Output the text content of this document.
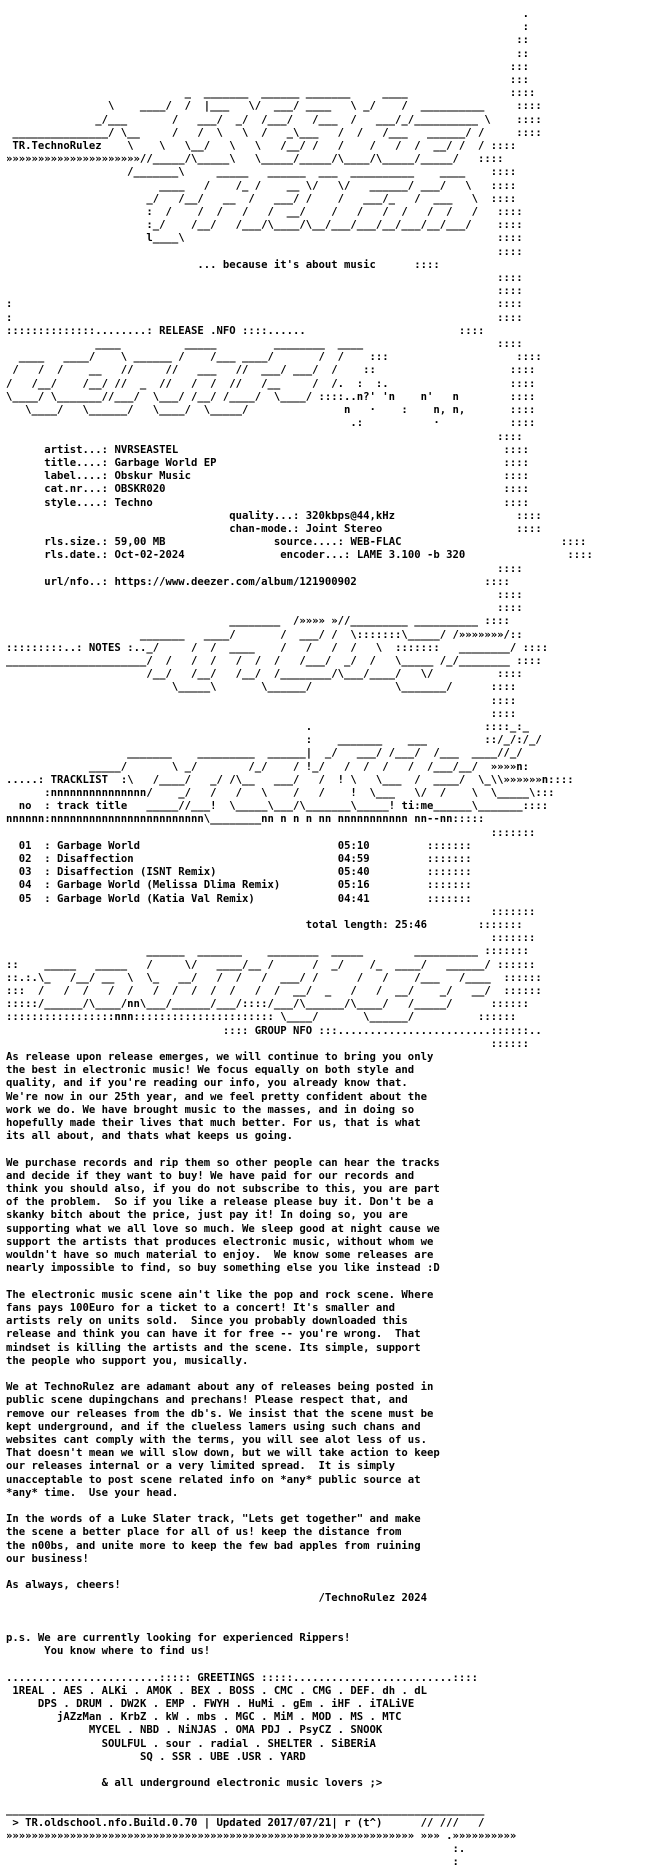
.
:
::
::
:::
:::
_  _______  ______ _______     ____                ::::
\    ____/  /  |___   \/  ___/ ____   \ _/    /  __________     ::::
_/___       /   ___/  _/  /___/   /___  /   ___/_/__________ \    ::::
_______________/ \__     /   /  \   \  /   _\___   /  /   /___   ______/ /     ::::
TR.TechnoRulez    \    \   \__/   \   \   /__/ /   /    /   /  /  __/ /  / ::::
»»»»»»»»»»»»»»»»»»»»»//_____/\_____\   \_____/_____/\____/\_____/_____/   ::::
/_______\     _____   ______  ___  __________    ____    ::::
____   /    /_ /    __ \/   \/   ______/ ___/   \   ::::
_/   /__/   __  /   ___/ /    /   ___/_   /  ___   \  ::::
:  /    /  /   /   /  __/    /   /   /  /   /  /   /   ::::
:_/    /__/   /___/\____/\__/___/___/__/___/__/___/    ::::
l____\                                                 ::::
::::
... because it's about music	::::
::::
::::
:                                                                            ::::
:                                                                            ::::
::::::::::::::........: RELEASE .NFO ::::......                        ::::
____          _____         ________  ____                     ::::
____   ____/    \ ______ /    /___ ____/       /  /    :::                    ::::
/   /  /    __   //     //   ___   //  ___/ ___/  /    ::                     ::::
/   /__/    /__/ //  _  //   /  /  //   /__     /  /.  :  :.                   ::::
\____/ \_______//___/  \___/ /__/ /____/  \____/ ::::..n?' 'n    n'   n        ::::
\____/   \______/   \____/  \_____/               n   ·    :    n, n,       ::::
.:           ·           ::::
::::
artist...: NVRSEASTEL	::::
title....: Garbage World EP	::::
label....: Obskur Music	::::
cat.nr...: OBSKR020	::::
style....: Techno	::::
quality...: 320kbps@44,kHz	::::
chan-mode.: Joint Stereo	::::
rls.size.: 59,00 MB                 source....: WEB-FLAC	::::
rls.date.: Oct-02-2024               encoder...: LAME 3.100 -b 320	::::
::::
url/nfo..: https://www.deezer.com/album/121900902	::::
::::
::::
________  /»»»» »//_________ __________ ::::
_______   ____/       /  ___/ /  \:::::::\_____/ /»»»»»»»/::
:::::::::..: NOTES :.._/     /  /  ____    /   /   /  /   \  :::::::   ________/ ::::
______________________/  /   /  /   /  /  /   /___/  _/  /   \_____ /_/________ ::::
/__/   /__/   /__/  /________/\___/____/   \/          ::::
\_____\       \______/             \_______/      ::::
::::
::::
.                           ::::_:_
:    _______    ___         ::/_/:/_/
_______    _________  ______|  _/   ___/ /___/  /___  ____//_/
_____/       \ _/        /_/    / !_/   /  /  /   /  /___/__/  »»»»n:
.....: TRACKLIST  :\   /____/   _/ /\__   ___/   /  ! \   \___  /  ____/  \_\\»»»»»»n::::
:nnnnnnnnnnnnnnn/    _/   /   /   \    /   /    !  \___   \/  /    \  \_____\:::
no  : track title   _____//___!  \_____\___/\_______\_____! ti:me______\_______::::
nnnnnn:nnnnnnnnnnnnnnnnnnnnnnnn\________nn n n n nn nnnnnnnnnnn nn--nn:::::
:::::::
01  : Garbage World	05:10	:::::::
02  : Disaffection	04:59	:::::::
03  : Disaffection (ISNT Remix)	05:40	:::::::
04  : Garbage World (Melissa Dlima Remix)	05:16	:::::::
05  : Garbage World (Katia Val Remix)	04:41	:::::::
:::::::
total length: 25:46	:::::::
:::::::
______  _______    ________  _____        __________ :::::::
::    _____   _____   /     \/   ____/__ /      /  _/    /_  ____/   ______/ ::::::
::.:.\_   /__/ __  \  \_   __/   /  /   /  ___/ /      /   /    /___   /____  ::::::
:::  /   /  /   /  /   /  /  /  /  /   /  /  __/  _   /   /  __/    _/   __/  ::::::
:::::/______/\____/nn\___/______/___/::::/___/\______/\____/   /_____/      ::::::
:::::::::::::::::nnn:::::::::::::::::::::: \____/       \______/          ::::::
:::: GROUP NFO :::........................::::::..
::::::
As release upon release emerges, we will continue to bring you only
the best in electronic music! We focus equally on both style and
quality, and if you're reading our info, you already know that.
We're now in our 25th year, and we feel pretty confident about the
work we do. We have brought music to the masses, and in doing so
hopefully made their lives that much better. For us, that is what
its all about, and thats what keeps us going.

We purchase records and rip them so other people can hear the tracks
and decide if they want to buy! We have paid for our records and
think you should also, if you do not subscribe to this, you are part
of the problem.  So if you like a release please buy it. Don't be a
skanky bitch about the price, just pay it! In doing so, you are
supporting what we all love so much. We sleep good at night cause we
support the artists that produces electronic music, without whom we
wouldn't have so much material to enjoy.  We know some releases are
nearly impossible to find, so buy something else you like instead :D

The electronic music scene ain't like the pop and rock scene. Where
fans pays 100Euro for a ticket to a concert! It's smaller and
artists rely on units sold.  Since you probably downloaded this
release and think you can have it for free -- you're wrong.  That
mindset is killing the artists and the scene. Its simple, support
the people who support you, musically.

We at TechnoRulez are adamant about any of releases being posted in
public scene dupingchans and prechans! Please respect that, and
remove our releases from the db's. We insist that the scene must be
kept underground, and if the clueless lamers using such chans and
websites cant comply with the terms, you will see alot less of us.
That doesn't mean we will slow down, but we will take action to keep
our releases internal or a very limited spread.  It is simply
unacceptable to post scene related info on *any* public source at
*any* time.  Use your head.

In the words of a Luke Slater track, "Lets get together" and make
the scene a better place for all of us! keep the distance from
the n00bs, and unite more to keep the few bad apples from ruining
our business!

As always, cheers!
/TechnoRulez 2024

p.s. We are currently looking for experienced Rippers!
You know where to find us!

........................::::: GREETINGS :::::.........................::::

1REAL . AES . ALKi . AMOK . BEX . BOSS . CMC . CMG . DEF. dh . dL
DPS . DRUM . DW2K . EMP . FWYH . HuMi . gEm . iHF . iTALiVE
jAZzMan . KrbZ . kW . mbs . MGC . MiM . MOD . MS . MTC
MYCEL . NBD . NiNJAS . OMA PDJ . PsyCZ . SNOOK
SOULFUL . sour . radial . SHELTER . SiBERiA
SQ . SSR . UBE .USR . YARD

& all underground electronic music lovers ;>

___________________________________________________________________________
> TR.oldschool.nfo.Build.0.70 | Updated 2017/07/21| r (t^)      // ///   /
»»»»»»»»»»»»»»»»»»»»»»»»»»»»»»»»»»»»»»»»»»»»»»»»»»»»»»»»»»»»»»»» »»» .»»»»»»»»»»
:.
:
